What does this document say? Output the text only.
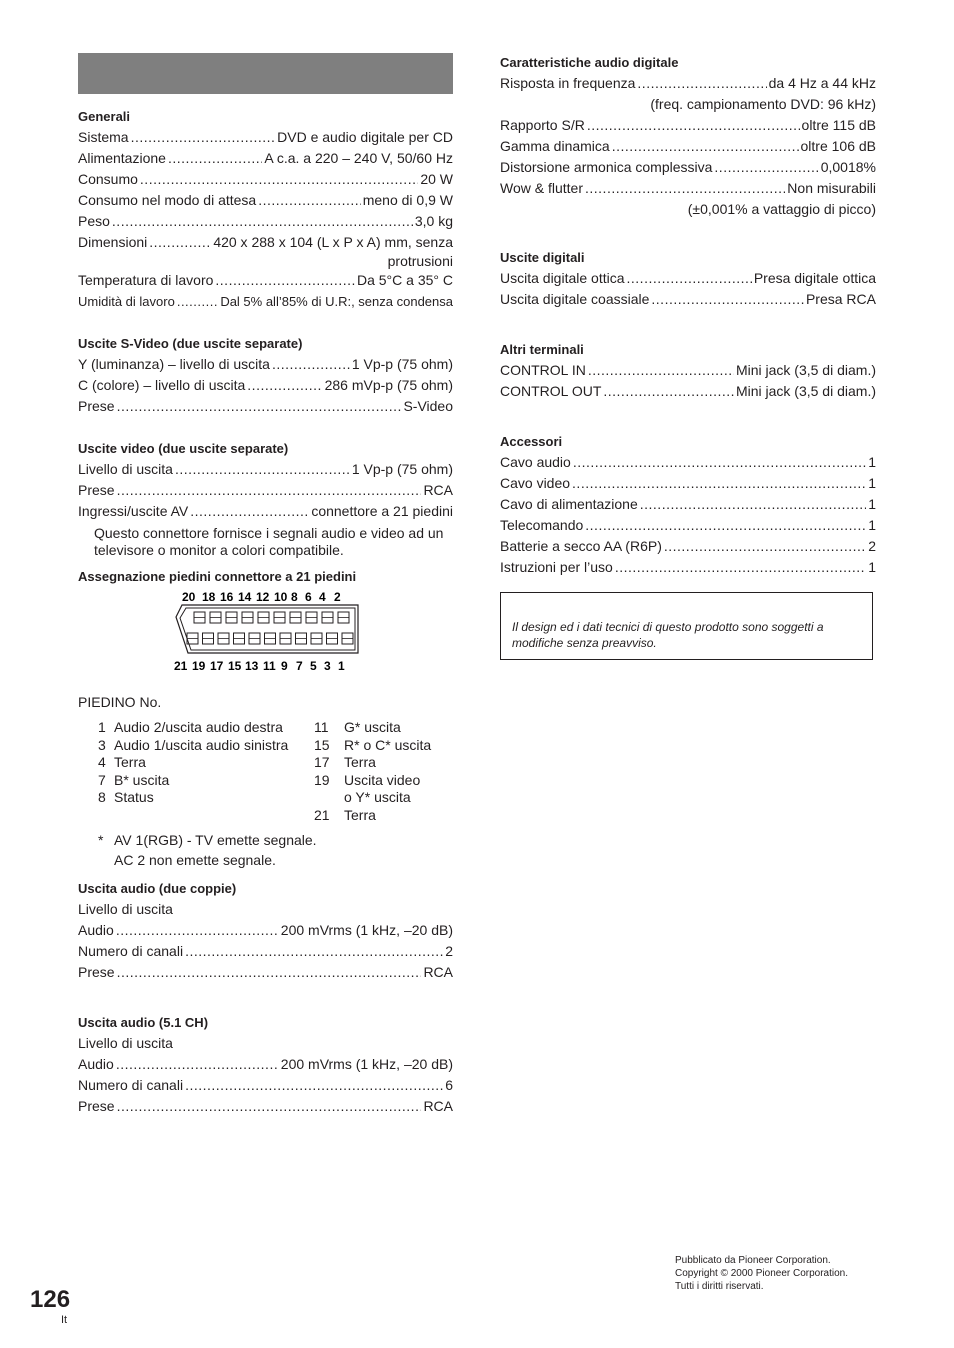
Generali
Sistema .....	DVD e audio digitale per CD
Alimentazione .....	A c.a. a 220 – 240 V, 50/60 Hz
Consumo .....	20 W
Consumo nel modo di attesa .....	meno di 0,9 W
Peso .....	3,0 kg
Dimensioni .....	420 x 288 x 104 (L x P x A) mm, senza
protrusioni
Temperatura di lavoro .....	Da 5°C a 35° C
Umidità di lavoro .....	Dal 5% all’85% di U.R:, senza condensa
Uscite S-Video (due uscite separate)
Y (luminanza) – livello di uscita .....	1 Vp-p (75 ohm)
C (colore) – livello di uscita .....	286 mVp-p (75 ohm)
Prese .....	S-Video
Uscite video (due uscite separate)
Livello di uscita .....	1 Vp-p (75 ohm)
Prese .....	RCA
Ingressi/uscite AV .....	connettore a 21 piedini
Questo connettore fornisce i segnali audio e video ad un televisore o monitor a colori compatibile.
Assegnazione piedini connettore a 21 piedini
20 18 16 14 12 10 8 6 4 2
21 19 17 15 13 11 9 7 5 3 1
PIEDINO No.
1 Audio 2/uscita audio destra
3 Audio 1/uscita audio sinistra
4 Terra
7 B* uscita
8 Status
11 G* uscita
15 R* o C* uscita
17 Terra
19 Uscita video
o Y* uscita
21 Terra
* AV 1(RGB) - TV emette segnale.
AC 2 non emette segnale.
Uscita audio (due coppie)
Livello di uscita
Audio .....	200 mVrms (1 kHz, –20 dB)
Numero di canali .....	2
Prese .....	RCA
Uscita audio (5.1 CH)
Livello di uscita
Audio .....	200 mVrms (1 kHz, –20 dB)
Numero di canali .....	6
Prese .....	RCA
Caratteristiche audio digitale
Risposta in frequenza .....	da 4 Hz a 44 kHz
(freq. campionamento DVD: 96 kHz)
Rapporto S/R .....	oltre 115 dB
Gamma dinamica .....	oltre 106 dB
Distorsione armonica complessiva .....	0,0018%
Wow & flutter .....	Non misurabili
(±0,001% a vattaggio di picco)
Uscite digitali
Uscita digitale ottica .....	Presa digitale ottica
Uscita digitale coassiale .....	Presa RCA
Altri terminali
CONTROL IN .....	Mini jack (3,5 di diam.)
CONTROL OUT .....	Mini jack (3,5 di diam.)
Accessori
Cavo audio .....	1
Cavo video .....	1
Cavo di alimentazione .....	1
Telecomando .....	1
Batterie a secco AA (R6P) .....	2
Istruzioni per l’uso .....	1
Il design ed i dati tecnici di questo prodotto sono soggetti a modifiche senza preavviso.
Pubblicato da Pioneer Corporation.
Copyright © 2000 Pioneer Corporation.
Tutti i diritti riservati.
126
It
